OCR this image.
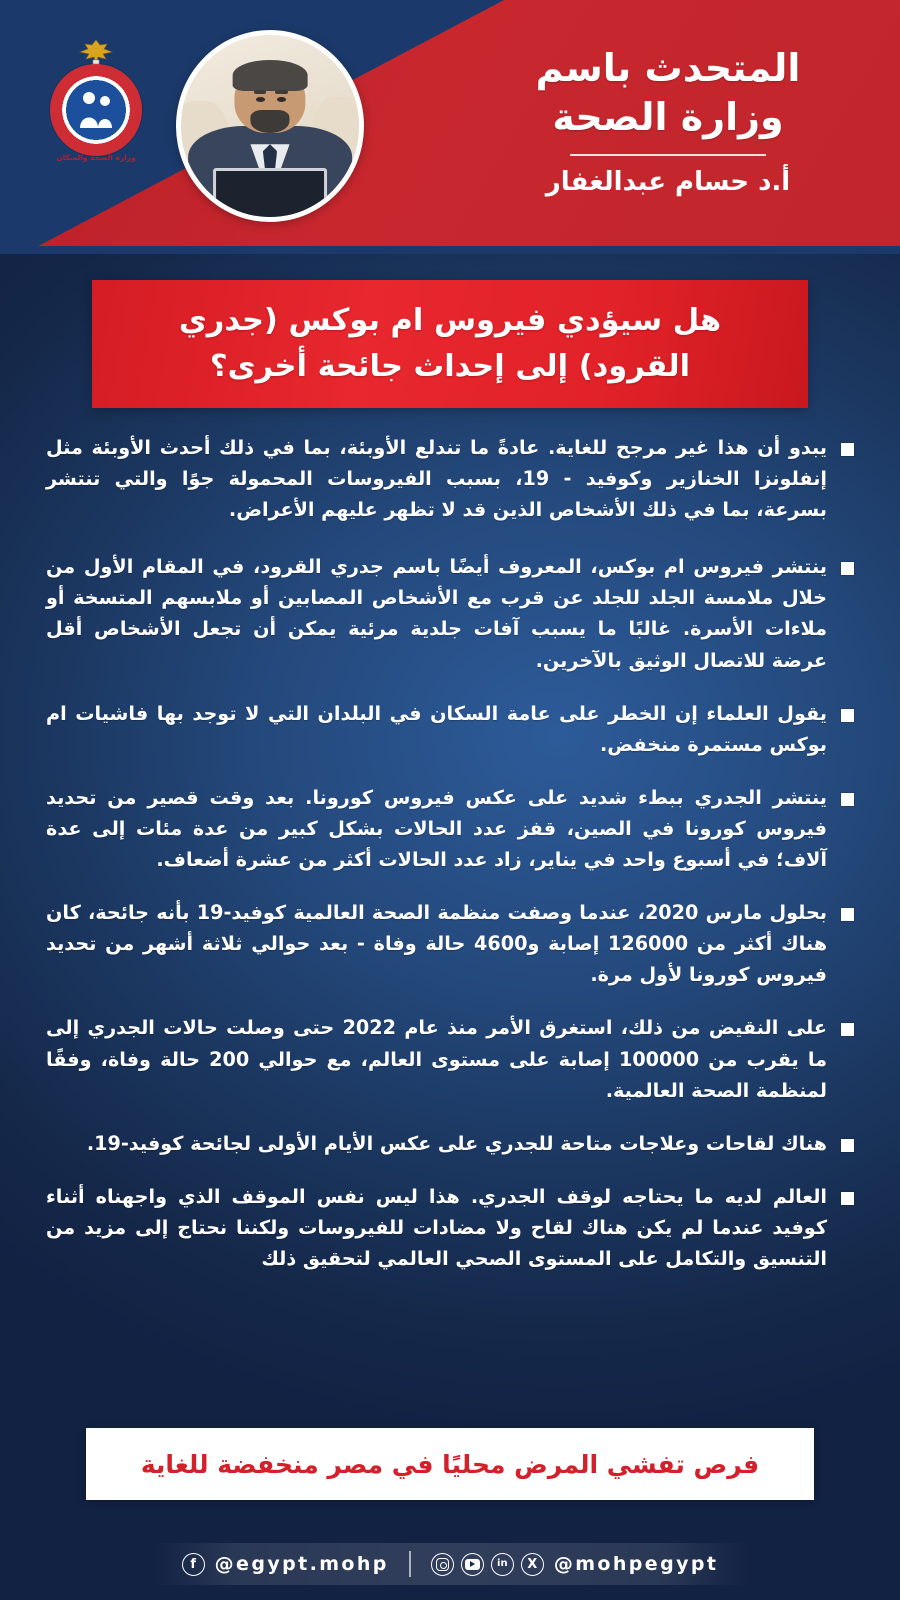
وزارة الصحة والسكان
المتحدث باسم
وزارة الصحة
أ.د حسام عبدالغفار
هل سيؤدي فيروس ام بوكس (جدري القرود) إلى إحداث جائحة أخرى؟
يبدو أن هذا غير مرجح للغاية. عادةً ما تندلع الأوبئة، بما في ذلك أحدث الأوبئة مثل إنفلونزا الخنازير وكوفيد - 19، بسبب الفيروسات المحمولة جوًا والتي تنتشر بسرعة، بما في ذلك الأشخاص الذين قد لا تظهر عليهم الأعراض.
ينتشر فيروس ام بوكس، المعروف أيضًا باسم جدري القرود، في المقام الأول من خلال ملامسة الجلد للجلد عن قرب مع الأشخاص المصابين أو ملابسهم المتسخة أو ملاءات الأسرة. غالبًا ما يسبب آفات جلدية مرئية يمكن أن تجعل الأشخاص أقل عرضة للاتصال الوثيق بالآخرين.
يقول العلماء إن الخطر على عامة السكان في البلدان التي لا توجد بها فاشيات ام بوكس مستمرة منخفض.
ينتشر الجدري ببطء شديد على عكس فيروس كورونا. بعد وقت قصير من تحديد فيروس كورونا في الصين، قفز عدد الحالات بشكل كبير من عدة مئات إلى عدة آلاف؛ في أسبوع واحد في يناير، زاد عدد الحالات أكثر من عشرة أضعاف.
بحلول مارس 2020، عندما وصفت منظمة الصحة العالمية كوفيد-19 بأنه جائحة، كان هناك أكثر من 126000 إصابة و4600 حالة وفاة - بعد حوالي ثلاثة أشهر من تحديد فيروس كورونا لأول مرة.
على النقيض من ذلك، استغرق الأمر منذ عام 2022 حتى وصلت حالات الجدري إلى ما يقرب من 100000 إصابة على مستوى العالم، مع حوالي 200 حالة وفاة، وفقًا لمنظمة الصحة العالمية.
هناك لقاحات وعلاجات متاحة للجدري على عكس الأيام الأولى لجائحة كوفيد-19.
العالم لديه ما يحتاجه لوقف الجدري. هذا ليس نفس الموقف الذي واجهناه أثناء كوفيد عندما لم يكن هناك لقاح ولا مضادات للفيروسات ولكننا نحتاج إلى مزيد من التنسيق والتكامل على المستوى الصحي العالمي لتحقيق ذلك
فرص تفشي المرض محليًا في مصر منخفضة للغاية
f @egypt.mohp	in	X @mohpegypt
